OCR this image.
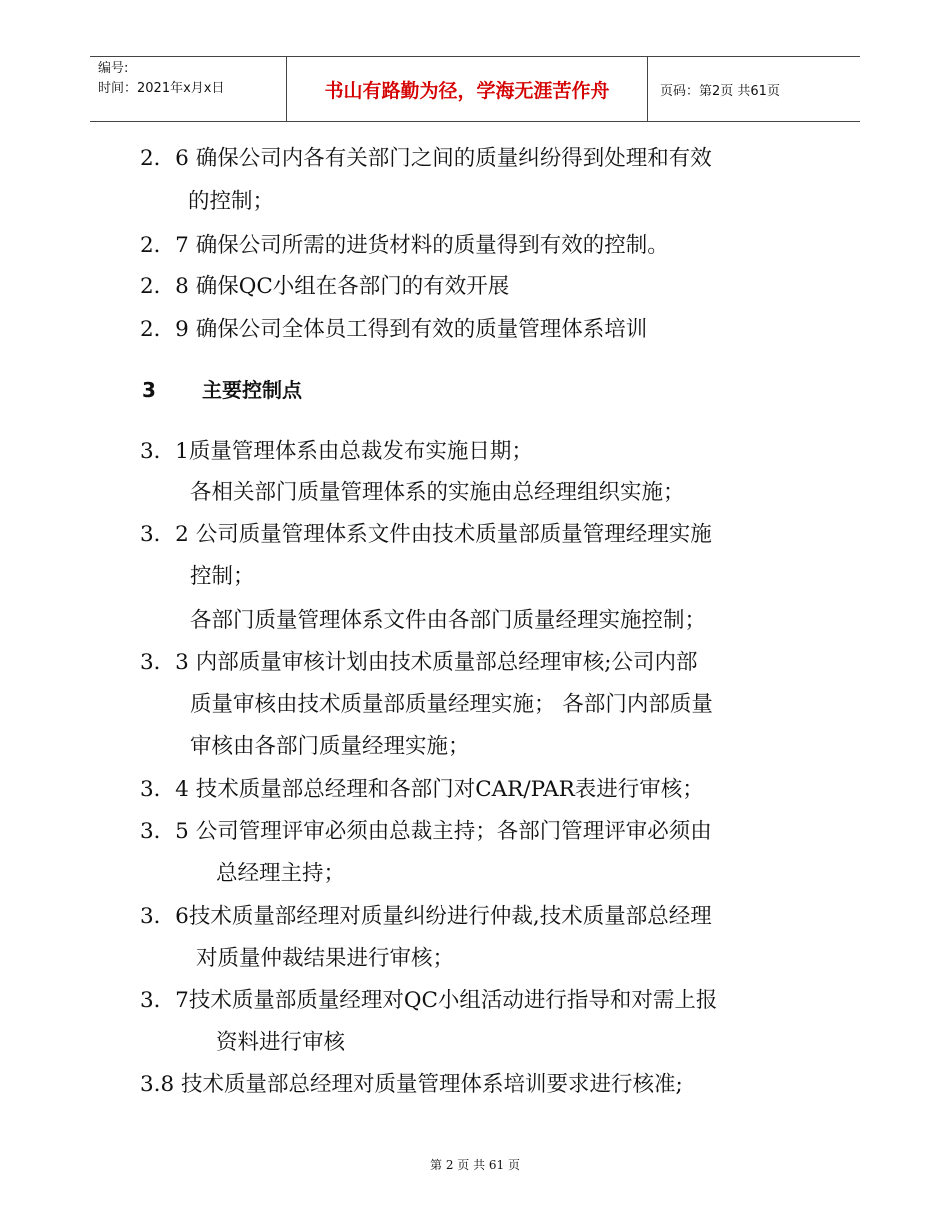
编号:
时间：2021年x月x日	书山有路勤为径，学海无涯苦作舟	页码：第2页 共61页
2．6 确保公司内各有关部门之间的质量纠纷得到处理和有效
的控制；
2．7 确保公司所需的进货材料的质量得到有效的控制。
2．8 确保QC小组在各部门的有效开展
2．9 确保公司全体员工得到有效的质量管理体系培训
3 主要控制点
3．1质量管理体系由总裁发布实施日期；
各相关部门质量管理体系的实施由总经理组织实施；
3．2 公司质量管理体系文件由技术质量部质量管理经理实施
控制；
各部门质量管理体系文件由各部门质量经理实施控制；
3．3 内部质量审核计划由技术质量部总经理审核;公司内部
质量审核由技术质量部质量经理实施； 各部门内部质量
审核由各部门质量经理实施；
3．4 技术质量部总经理和各部门对CAR/PAR表进行审核；
3．5 公司管理评审必须由总裁主持；各部门管理评审必须由
总经理主持；
3．6技术质量部经理对质量纠纷进行仲裁,技术质量部总经理
对质量仲裁结果进行审核；
3．7技术质量部质量经理对QC小组活动进行指导和对需上报
资料进行审核
3.8 技术质量部总经理对质量管理体系培训要求进行核准;
第 2 页 共 61 页
